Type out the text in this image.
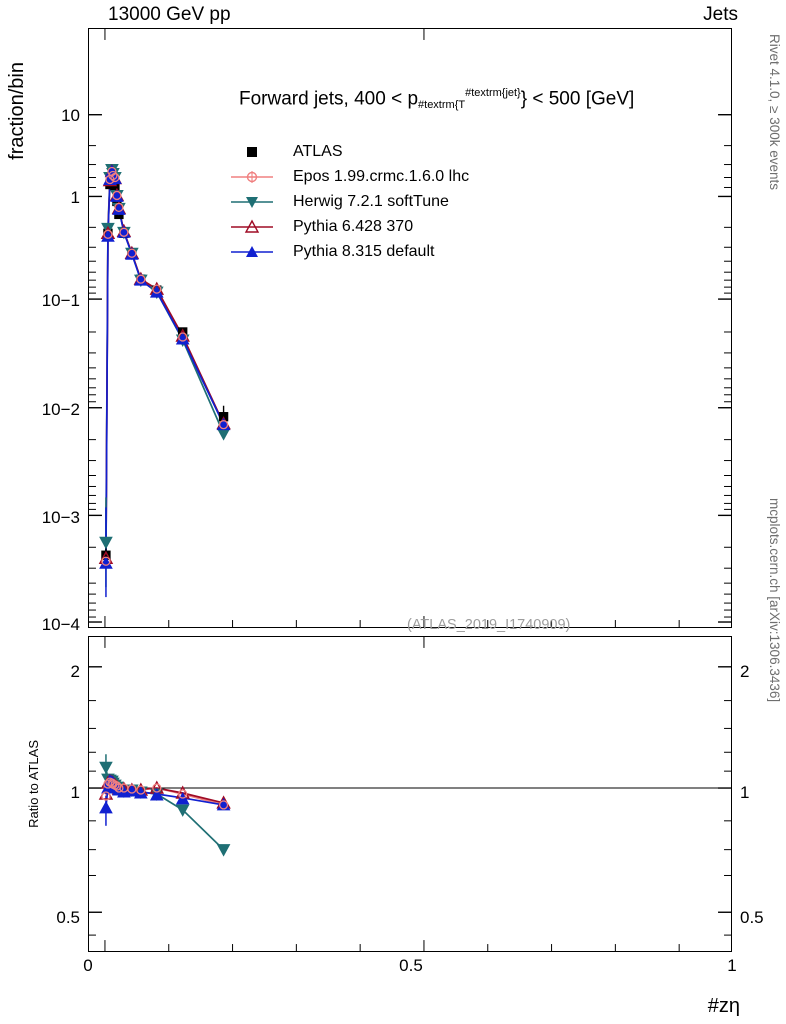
13000 GeV pp	Jets
Rivet 4.1.0, ≥ 300k events
mcplots.cern.ch [arXiv:1306.3436]
fraction/bin
Ratio to ATLAS
10
1
10−1
10−2
10−3
10−4
2
1
0.5
2
1
0.5
0	0.5	1
#zη
Forward jets, $400 < p_{\#textrm\{T}^{\#textrm\{jet\}}\} < 500$ [GeV]
ATLAS
Epos 1.99.crmc.1.6.0 lhc
Herwig 7.2.1 softTune
Pythia 6.428 370
Pythia 8.315 default
(ATLAS_2019_I1740909)
